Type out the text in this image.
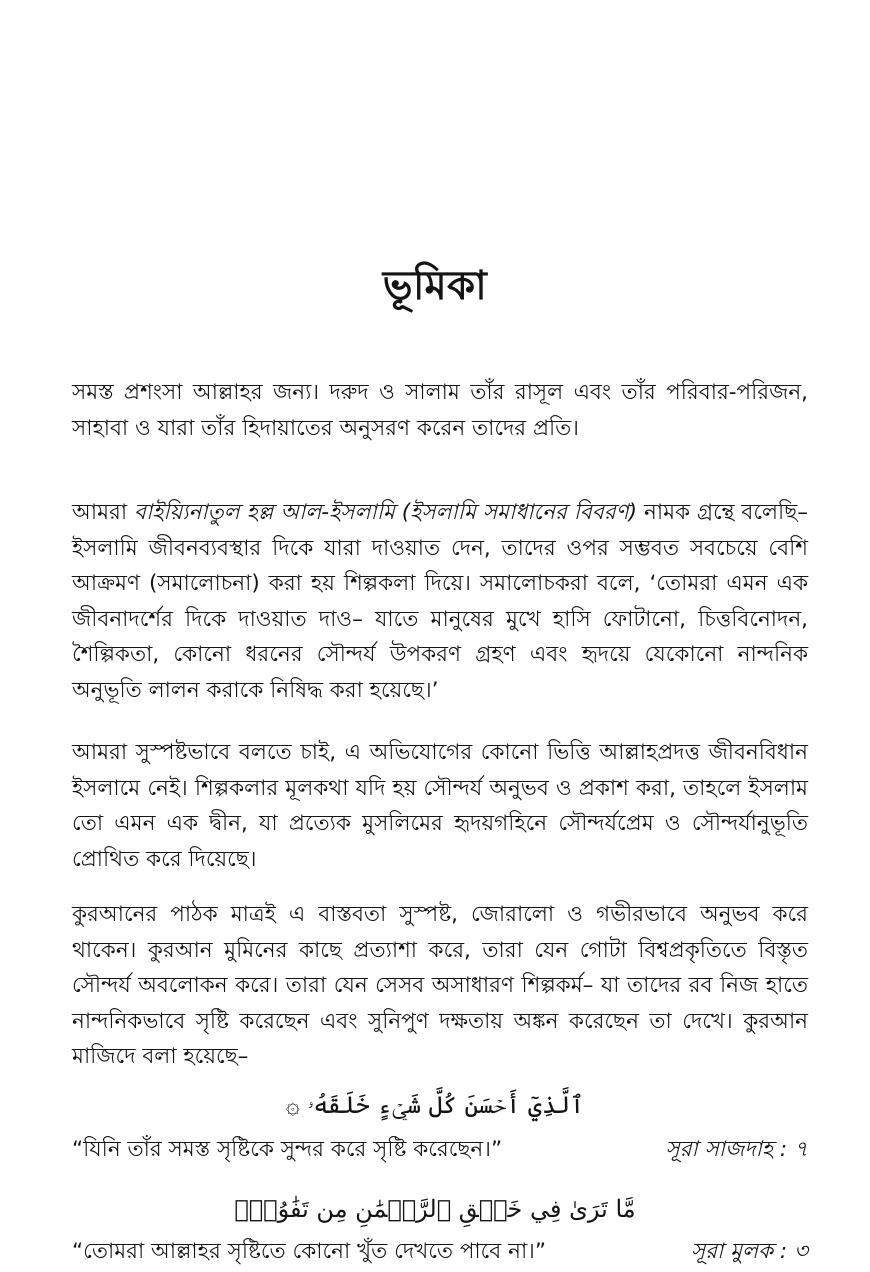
ভূমিকা

সমস্ত প্রশংসা আল্লাহর জন্য। দরুদ ও সালাম তাঁর রাসূল এবং তাঁর পরিবার-পরিজন, সাহাবা ও যারা তাঁর হিদায়াতের অনুসরণ করেন তাদের প্রতি।

আমরা বাইয়্যিনাতুল হল্ল আল-ইসলামি (ইসলামি সমাধানের বিবরণ) নামক গ্রন্থে বলেছি– ইসলামি জীবনব্যবস্থার দিকে যারা দাওয়াত দেন, তাদের ওপর সম্ভবত সবচেয়ে বেশি আক্রমণ (সমালোচনা) করা হয় শিল্পকলা দিয়ে। সমালোচকরা বলে, ‘তোমরা এমন এক জীবনাদর্শের দিকে দাওয়াত দাও– যাতে মানুষের মুখে হাসি ফোটানো, চিত্তবিনোদন, শৈল্পিকতা, কোনো ধরনের সৌন্দর্য উপকরণ গ্রহণ এবং হৃদয়ে যেকোনো নান্দনিক অনুভূতি লালন করাকে নিষিদ্ধ করা হয়েছে।’

আমরা সুস্পষ্টভাবে বলতে চাই, এ অভিযোগের কোনো ভিত্তি আল্লাহপ্রদত্ত জীবনবিধান ইসলামে নেই। শিল্পকলার মূলকথা যদি হয় সৌন্দর্য অনুভব ও প্রকাশ করা, তাহলে ইসলাম তো এমন এক দ্বীন, যা প্রত্যেক মুসলিমের হৃদয়গহিনে সৌন্দর্যপ্রেম ও সৌন্দর্যানুভূতি প্রোথিত করে দিয়েছে।

কুরআনের পাঠক মাত্রই এ বাস্তবতা সুস্পষ্ট, জোরালো ও গভীরভাবে অনুভব করে থাকেন। কুরআন মুমিনের কাছে প্রত্যাশা করে, তারা যেন গোটা বিশ্বপ্রকৃতিতে বিস্তৃত সৌন্দর্য অবলোকন করে। তারা যেন সেসব অসাধারণ শিল্পকর্ম– যা তাদের রব নিজ হাতে নান্দনিকভাবে সৃষ্টি করেছেন এবং সুনিপুণ দক্ষতায় অঙ্কন করেছেন তা দেখে। কুরআন মাজিদে বলা হয়েছে–

ٱلَّذِيٓ أَحۡسَنَ كُلَّ شَيۡءٍ خَلَقَهُۥ ۞
“যিনি তাঁর সমস্ত সৃষ্টিকে সুন্দর করে সৃষ্টি করেছেন।”	সূরা সাজদাহ : ৭
مَّا تَرَىٰ فِي خَلۡقِ ٱلرَّحۡمَٰنِ مِن تَفَٰوُتٖۖ
“তোমরা আল্লাহর সৃষ্টিতে কোনো খুঁত দেখতে পাবে না।”	সূরা মুলক : ৩
